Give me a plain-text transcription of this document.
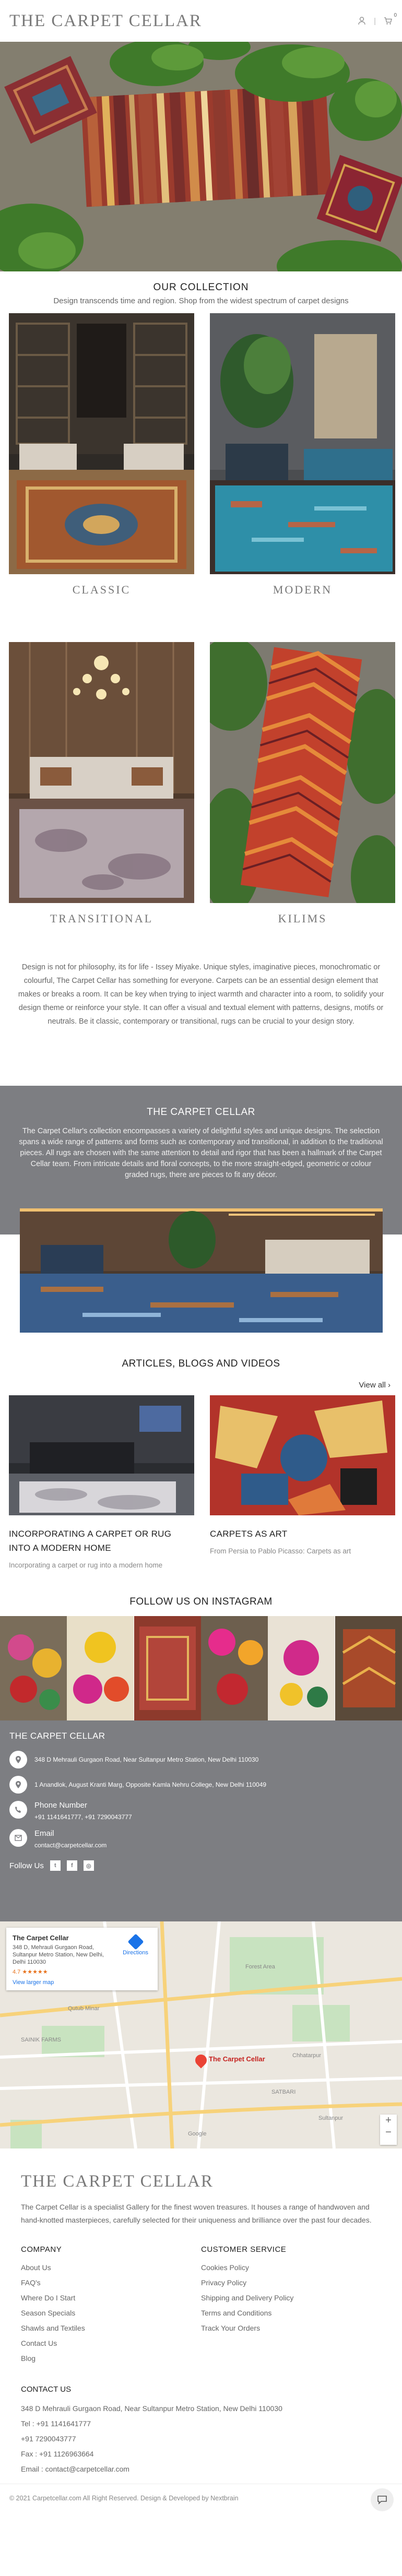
THE CARPET CELLAR	|
0
OUR COLLECTION
Design transcends time and region. Shop from the widest spectrum of carpet designs
CLASSIC	MODERN
TRANSITIONAL	KILIMS
Design is not for philosophy, its for life - Issey Miyake. Unique styles, imaginative pieces, monochromatic or colourful, The Carpet Cellar has something for everyone. Carpets can be an essential design element that makes or breaks a room. It can be key when trying to inject warmth and character into a room, to solidify your design theme or reinforce your style. It can offer a visual and textual element with patterns, designs, motifs or neutrals. Be it classic, contemporary or transitional, rugs can be crucial to your design story.
THE CARPET CELLAR

The Carpet Cellar's collection encompasses a variety of delightful styles and unique designs. The selection spans a wide range of patterns and forms such as contemporary and transitional, in addition to the traditional pieces. All rugs are chosen with the same attention to detail and rigor that has been a hallmark of the Carpet Cellar team. From intricate details and floral concepts, to the more straight-edged, geometric or colour graded rugs, there are pieces to fit any décor.

ARTICLES, BLOGS AND VIDEOS
View all ›
INCORPORATING A CARPET OR RUG INTO A MODERN HOME
Incorporating a carpet or rug into a modern home
CARPETS AS ART
From Persia to Pablo Picasso: Carpets as art
FOLLOW US ON INSTAGRAM
THE CARPET CELLAR
348 D Mehrauli Gurgaon Road, Near Sultanpur Metro Station, New Delhi 110030
1 Anandlok, August Kranti Marg, Opposite Kamla Nehru College, New Delhi 110049
Phone Number
+91 1141641777, +91 7290043777
Email
contact@carpetcellar.com
Follow Us	t	f	◎
Forest Area
Qutub Minar
Chhatarpur
SAINIK FARMS
SATBARI
Sultanpur
Google
The Carpet Cellar
348 D, Mehrauli Gurgaon Road, Sultanpur Metro Station, New Delhi, Delhi 110030
4.7 ★★★★★
View larger map
Directions
The Carpet Cellar
+
−
THE CARPET CELLAR
The Carpet Cellar is a specialist Gallery for the finest woven treasures. It houses a range of handwoven and hand-knotted masterpieces, carefully selected for their uniqueness and brilliance over the past four decades.
COMPANY
About Us
FAQ's
Where Do I Start
Season Specials
Shawls and Textiles
Contact Us
Blog
CUSTOMER SERVICE
Cookies Policy
Privacy Policy
Shipping and Delivery Policy
Terms and Conditions
Track Your Orders
CONTACT US

348 D Mehrauli Gurgaon Road, Near Sultanpur Metro Station, New Delhi 110030

Tel : +91 1141641777

+91 7290043777

Fax : +91 1126963664

Email : contact@carpetcellar.com

© 2021 Carpetcellar.com All Right Reserved. Design & Developed by Nextbrain
